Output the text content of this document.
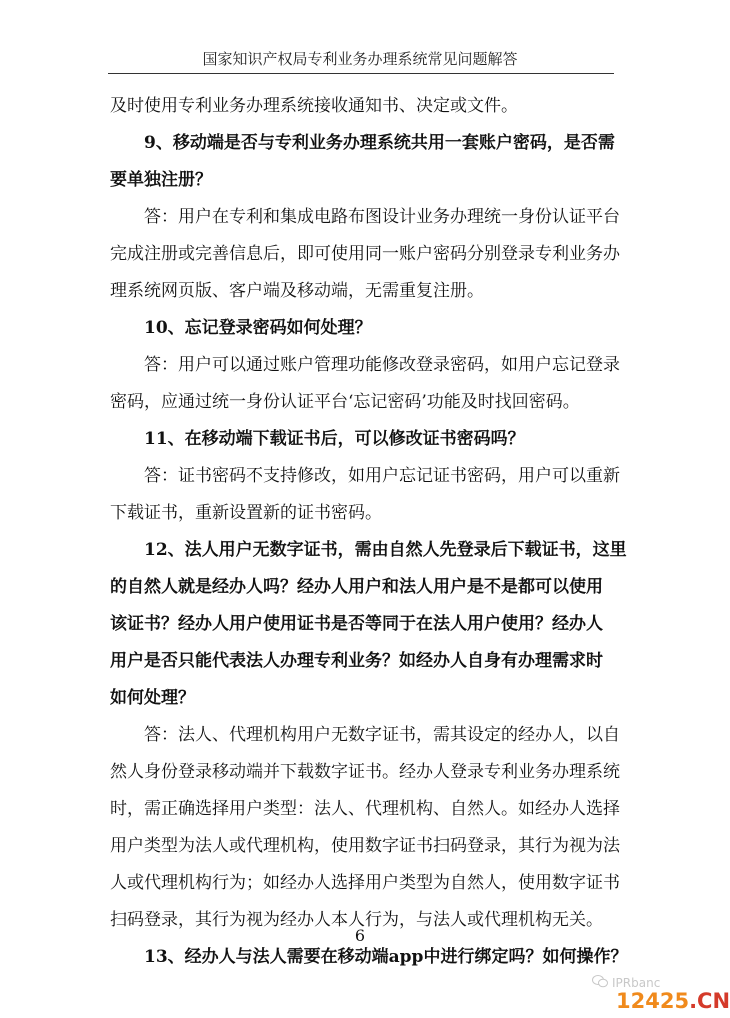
国家知识产权局专利业务办理系统常见问题解答
及时使用专利业务办理系统接收通知书、决定或文件。
9、移动端是否与专利业务办理系统共用一套账户密码，是否需
要单独注册？
答：用户在专利和集成电路布图设计业务办理统一身份认证平台
完成注册或完善信息后，即可使用同一账户密码分别登录专利业务办
理系统网页版、客户端及移动端，无需重复注册。
10、忘记登录密码如何处理？
答：用户可以通过账户管理功能修改登录密码，如用户忘记登录
密码，应通过统一身份认证平台‘忘记密码’功能及时找回密码。
11、在移动端下载证书后，可以修改证书密码吗？
答：证书密码不支持修改，如用户忘记证书密码，用户可以重新
下载证书，重新设置新的证书密码。
12、法人用户无数字证书，需由自然人先登录后下载证书，这里
的自然人就是经办人吗？经办人用户和法人用户是不是都可以使用
该证书？经办人用户使用证书是否等同于在法人用户使用？经办人
用户是否只能代表法人办理专利业务？如经办人自身有办理需求时
如何处理？
答：法人、代理机构用户无数字证书，需其设定的经办人，以自
然人身份登录移动端并下载数字证书。经办人登录专利业务办理系统
时，需正确选择用户类型：法人、代理机构、自然人。如经办人选择
用户类型为法人或代理机构，使用数字证书扫码登录，其行为视为法
人或代理机构行为；如经办人选择用户类型为自然人，使用数字证书
扫码登录，其行为视为经办人本人行为，与法人或代理机构无关。
13、经办人与法人需要在移动端app中进行绑定吗？如何操作？
6
IPRbanc
12425.CN
